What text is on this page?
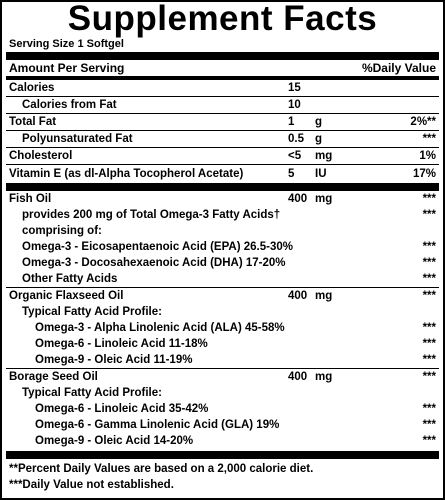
Supplement Facts
Serving Size 1 Softgel
Amount Per Serving	%Daily Value
Calories	15
Calories from Fat	10
Total Fat	1 g	2%**
Polyunsaturated Fat	0.5 g	***
Cholesterol	<5 mg	1%
Vitamin E (as dl-Alpha Tocopherol Acetate)	5 IU	17%
Fish Oil	400 mg	***
provides 200 mg of Total Omega-3 Fatty Acids†	***
comprising of:
Omega-3 - Eicosapentaenoic Acid (EPA) 26.5-30%	***
Omega-3 - Docosahexaenoic Acid (DHA) 17-20%	***
Other Fatty Acids	***
Organic Flaxseed Oil	400 mg	***
Typical Fatty Acid Profile:
Omega-3 - Alpha Linolenic Acid (ALA) 45-58%	***
Omega-6 - Linoleic Acid 11-18%	***
Omega-9 - Oleic Acid 11-19%	***
Borage Seed Oil	400 mg	***
Typical Fatty Acid Profile:
Omega-6 - Linoleic Acid 35-42%	***
Omega-6 - Gamma Linolenic Acid (GLA) 19%	***
Omega-9 - Oleic Acid 14-20%	***
**Percent Daily Values are based on a 2,000 calorie diet.
***Daily Value not established.
